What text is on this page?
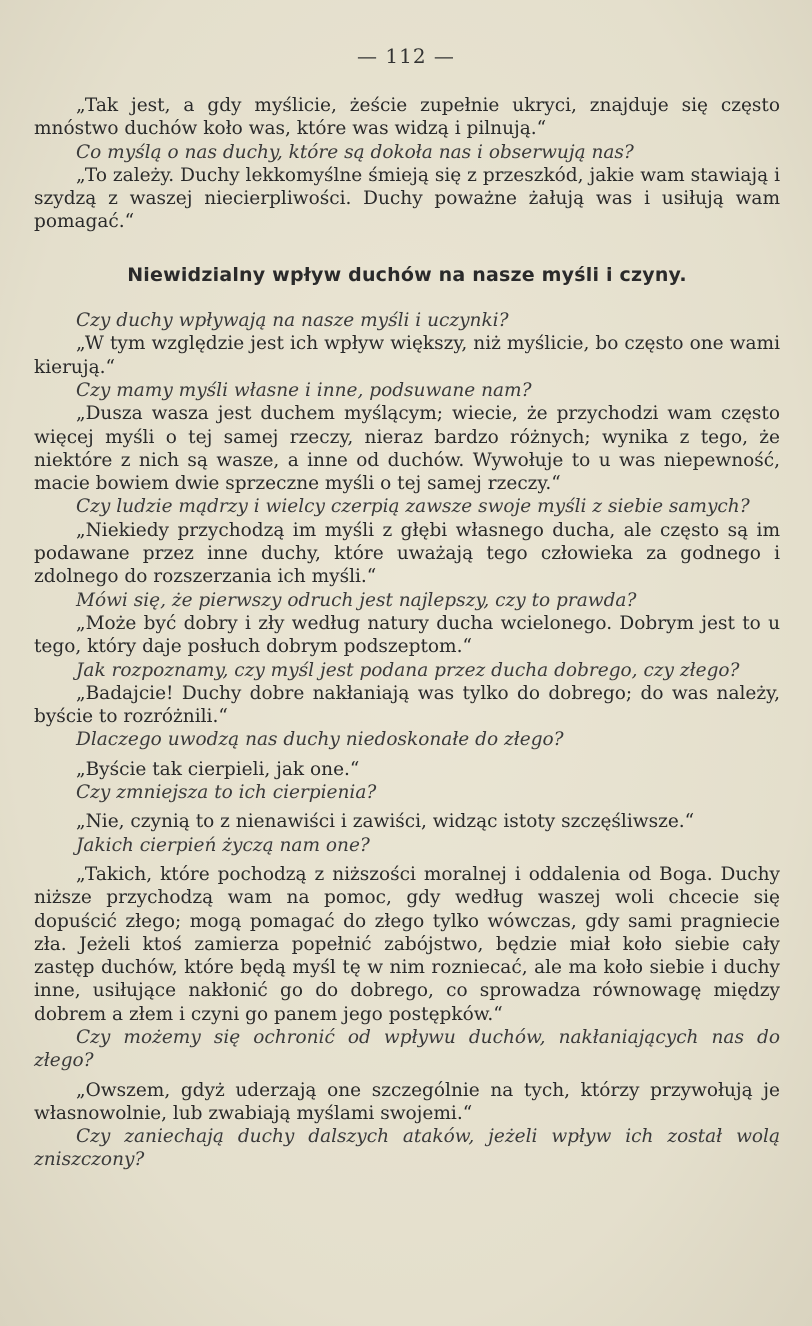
— 112 —
„Tak jest, a gdy myślicie, żeście zupełnie ukryci, znajduje się często mnóstwo duchów koło was, które was widzą i pilnują.“
Co myślą o nas duchy, które są dokoła nas i obserwują nas?
„To zależy. Duchy lekkomyślne śmieją się z przeszkód, jakie wam stawiają i szydzą z waszej niecierpliwości. Duchy poważne żałują was i usiłują wam pomagać.“
Niewidzialny wpływ duchów na nasze myśli i czyny.
Czy duchy wpływają na nasze myśli i uczynki?
„W tym względzie jest ich wpływ większy, niż myślicie, bo często one wami kierują.“
Czy mamy myśli własne i inne, podsuwane nam?
„Dusza wasza jest duchem myślącym; wiecie, że przychodzi wam często więcej myśli o tej samej rzeczy, nieraz bardzo różnych; wynika z tego, że niektóre z nich są wasze, a inne od duchów. Wywołuje to u was niepewność, macie bowiem dwie sprzeczne myśli o tej samej rzeczy.“
Czy ludzie mądrzy i wielcy czerpią zawsze swoje myśli z siebie samych?
„Niekiedy przychodzą im myśli z głębi własnego ducha, ale często są im podawane przez inne duchy, które uważają tego człowieka za godnego i zdolnego do rozszerzania ich myśli.“
Mówi się, że pierwszy odruch jest najlepszy, czy to prawda?
„Może być dobry i zły według natury ducha wcielonego. Dobrym jest to u tego, który daje posłuch dobrym podszeptom.“
Jak rozpoznamy, czy myśl jest podana przez ducha dobrego, czy złego?
„Badajcie! Duchy dobre nakłaniają was tylko do dobrego; do was należy, byście to rozróżnili.“
Dlaczego uwodzą nas duchy niedoskonałe do złego?
„Byście tak cierpieli, jak one.“
Czy zmniejsza to ich cierpienia?
„Nie, czynią to z nienawiści i zawiści, widząc istoty szczęśliwsze.“
Jakich cierpień życzą nam one?
„Takich, które pochodzą z niższości moralnej i oddalenia od Boga. Duchy niższe przychodzą wam na pomoc, gdy według waszej woli chcecie się dopuścić złego; mogą pomagać do złego tylko wówczas, gdy sami pragniecie zła. Jeżeli ktoś zamierza popełnić zabójstwo, będzie miał koło siebie cały zastęp duchów, które będą myśl tę w nim rozniecać, ale ma koło siebie i duchy inne, usiłujące nakłonić go do dobrego, co sprowadza równowagę między dobrem a złem i czyni go panem jego postępków.“
Czy możemy się ochronić od wpływu duchów, nakłaniających nas do złego?
„Owszem, gdyż uderzają one szczególnie na tych, którzy przywołują je własnowolnie, lub zwabiają myślami swojemi.“
Czy zaniechają duchy dalszych ataków, jeżeli wpływ ich został wolą zniszczony?
